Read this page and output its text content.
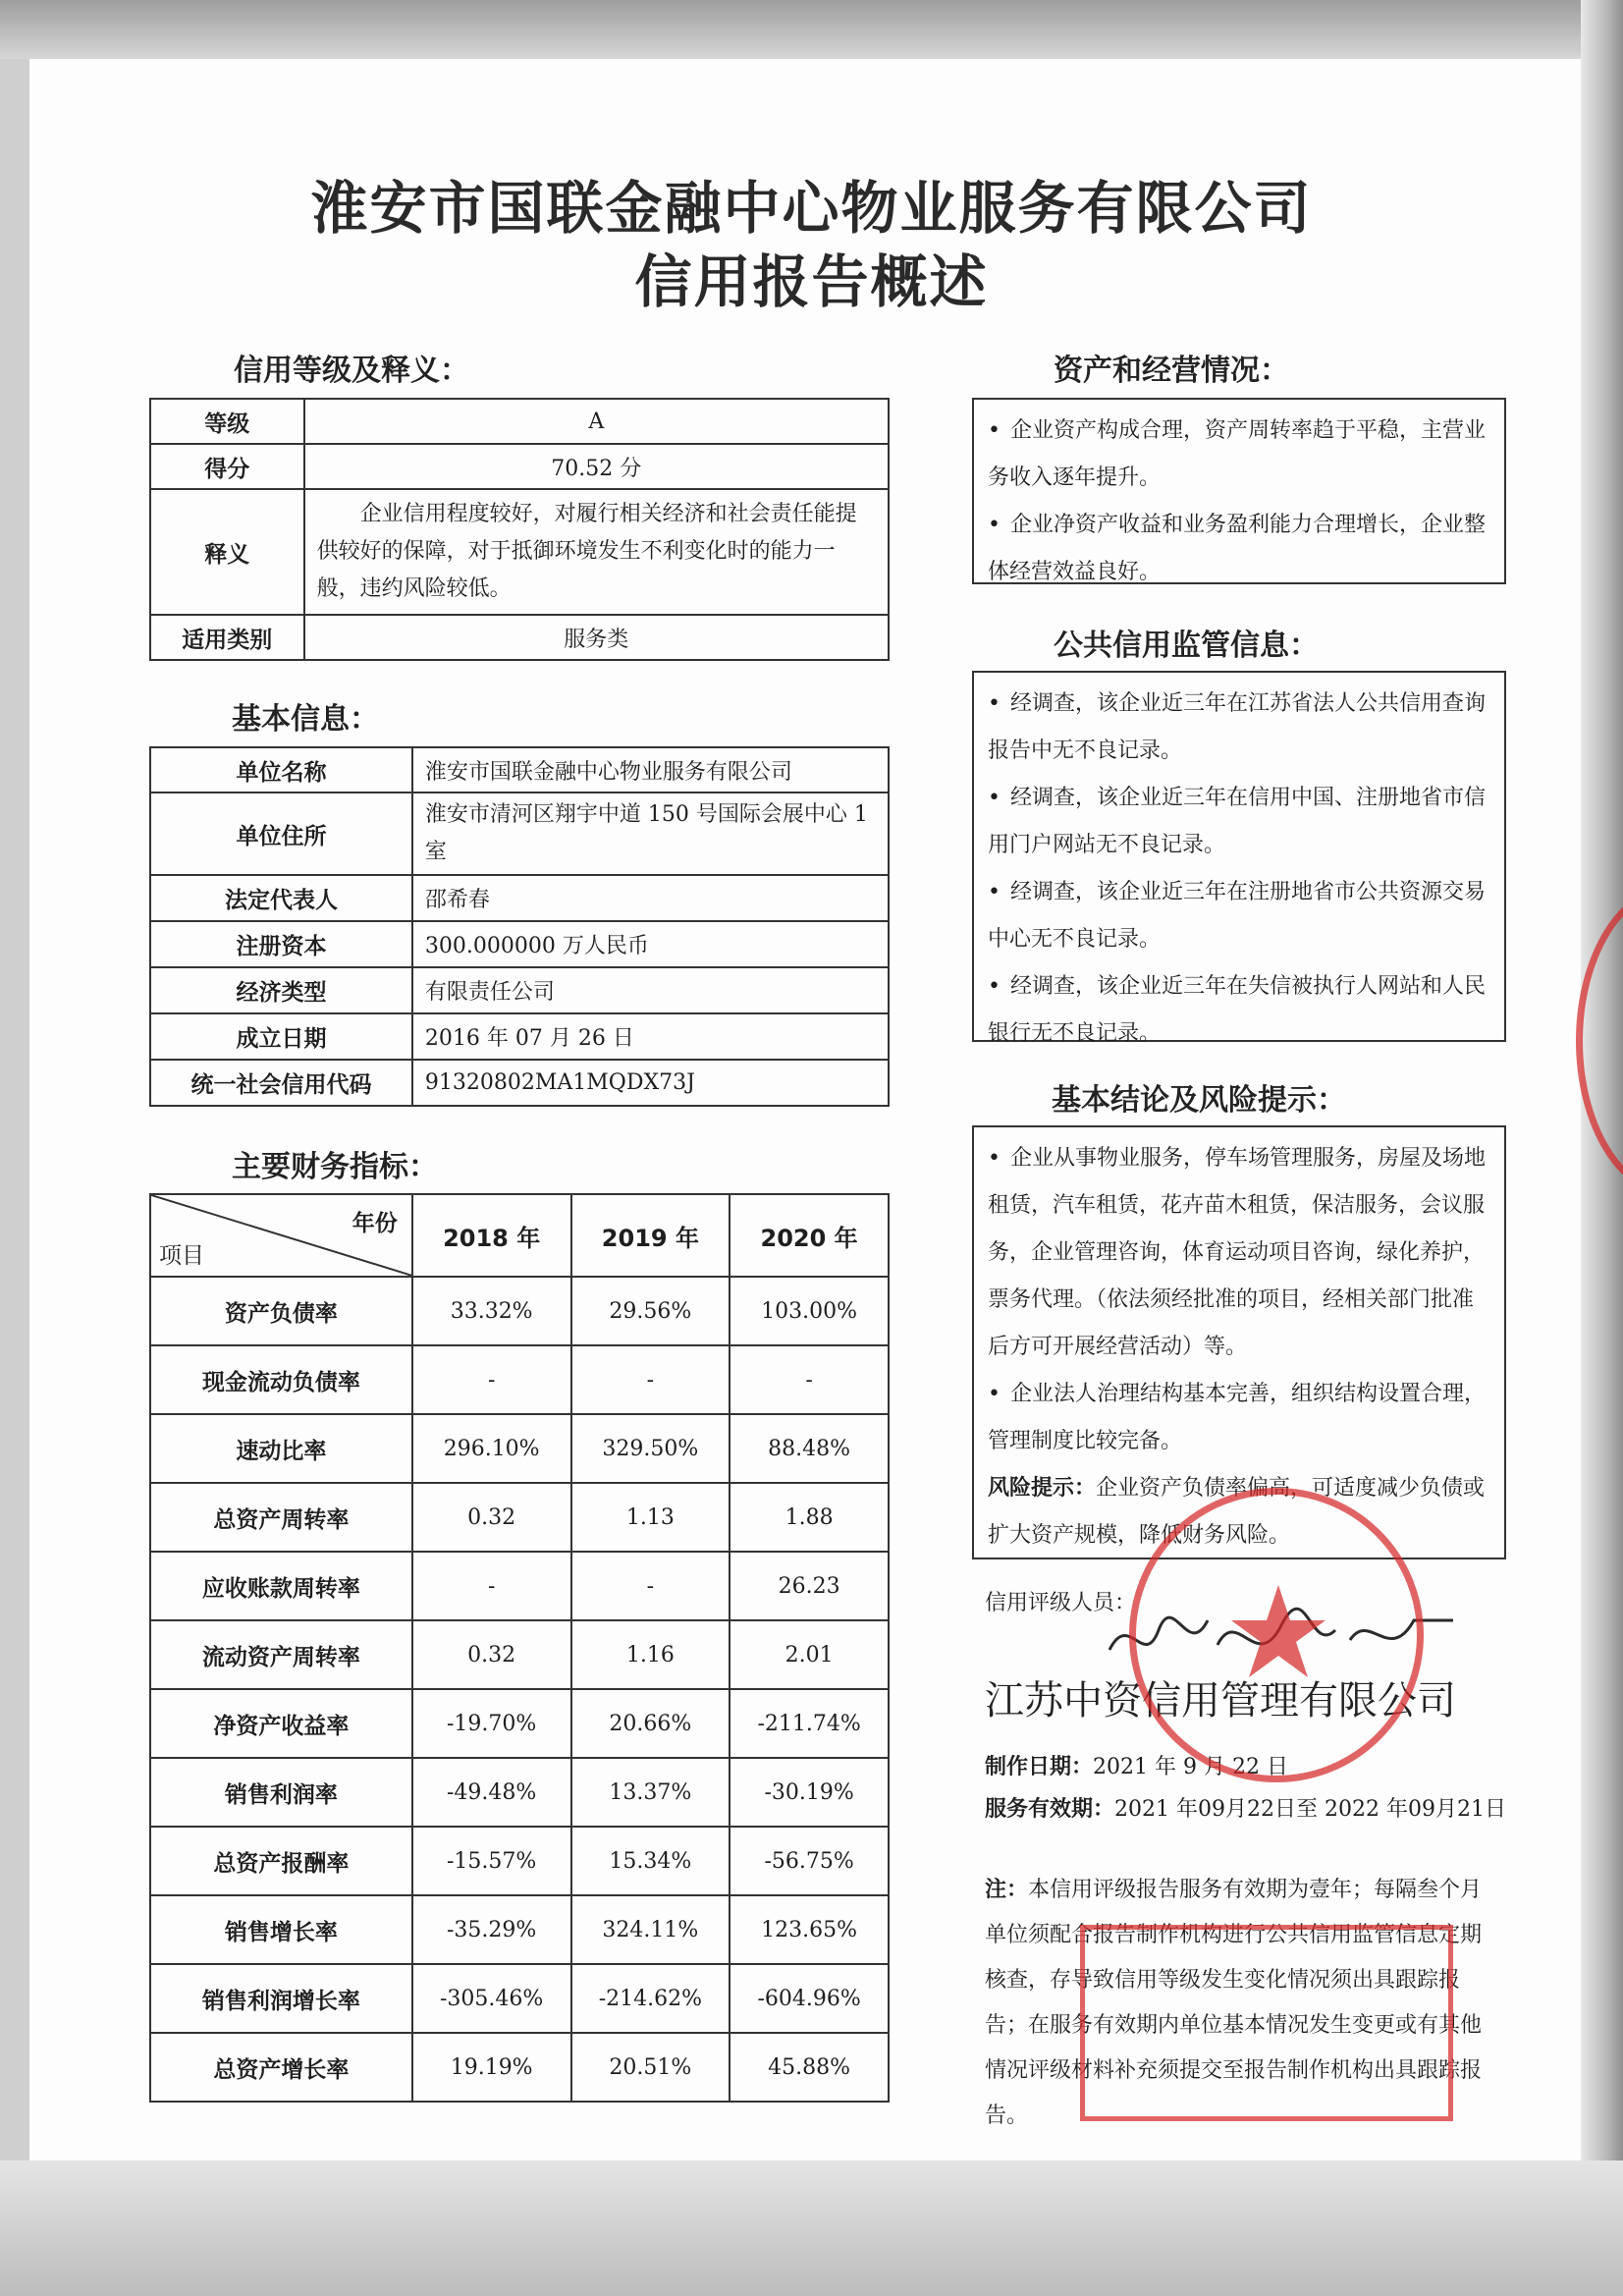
淮安市国联金融中心物业服务有限公司
信用报告概述
信用等级及释义：
等级	A
得分	70.52 分
释义	企业信用程度较好，对履行相关经济和社会责任能提供较好的保障，对于抵御环境发生不利变化时的能力一般，违约风险较低。
适用类别	服务类
基本信息：
单位名称	淮安市国联金融中心物业服务有限公司
单位住所	淮安市清河区翔宇中道 150 号国际会展中心 1 室
法定代表人	邵希春
注册资本	300.000000 万人民币
经济类型	有限责任公司
成立日期	2016 年 07 月 26 日
统一社会信用代码	91320802MA1MQDX73J
主要财务指标：
年份
项目	2018 年	2019 年	2020 年
资产负债率	33.32%	29.56%	103.00%
现金流动负债率	-	-	-
速动比率	296.10%	329.50%	88.48%
总资产周转率	0.32	1.13	1.88
应收账款周转率	-	-	26.23
流动资产周转率	0.32	1.16	2.01
净资产收益率	-19.70%	20.66%	-211.74%
销售利润率	-49.48%	13.37%	-30.19%
总资产报酬率	-15.57%	15.34%	-56.75%
销售增长率	-35.29%	324.11%	123.65%
销售利润增长率	-305.46%	-214.62%	-604.96%
总资产增长率	19.19%	20.51%	45.88%
资产和经营情况：
• 企业资产构成合理，资产周转率趋于平稳，主营业务收入逐年提升。
• 企业净资产收益和业务盈利能力合理增长，企业整体经营效益良好。
公共信用监管信息：
• 经调查，该企业近三年在江苏省法人公共信用查询报告中无不良记录。
• 经调查，该企业近三年在信用中国、注册地省市信用门户网站无不良记录。
• 经调查，该企业近三年在注册地省市公共资源交易中心无不良记录。
• 经调查，该企业近三年在失信被执行人网站和人民银行无不良记录。
基本结论及风险提示：
• 企业从事物业服务，停车场管理服务，房屋及场地租赁，汽车租赁，花卉苗木租赁，保洁服务，会议服务，企业管理咨询，体育运动项目咨询，绿化养护，票务代理。（依法须经批准的项目，经相关部门批准后方可开展经营活动）等。
• 企业法人治理结构基本完善，组织结构设置合理，管理制度比较完备。
风险提示：企业资产负债率偏高，可适度减少负债或扩大资产规模，降低财务风险。
信用评级人员：
江苏中资信用管理有限公司
制作日期：2021 年 9 月 22 日
服务有效期：2021 年09月22日至 2022 年09月21日
注：本信用评级报告服务有效期为壹年；每隔叁个月单位须配合报告制作机构进行公共信用监管信息定期核查，存导致信用等级发生变化情况须出具跟踪报告；在服务有效期内单位基本情况发生变更或有其他情况评级材料补充须提交至报告制作机构出具跟踪报告。
